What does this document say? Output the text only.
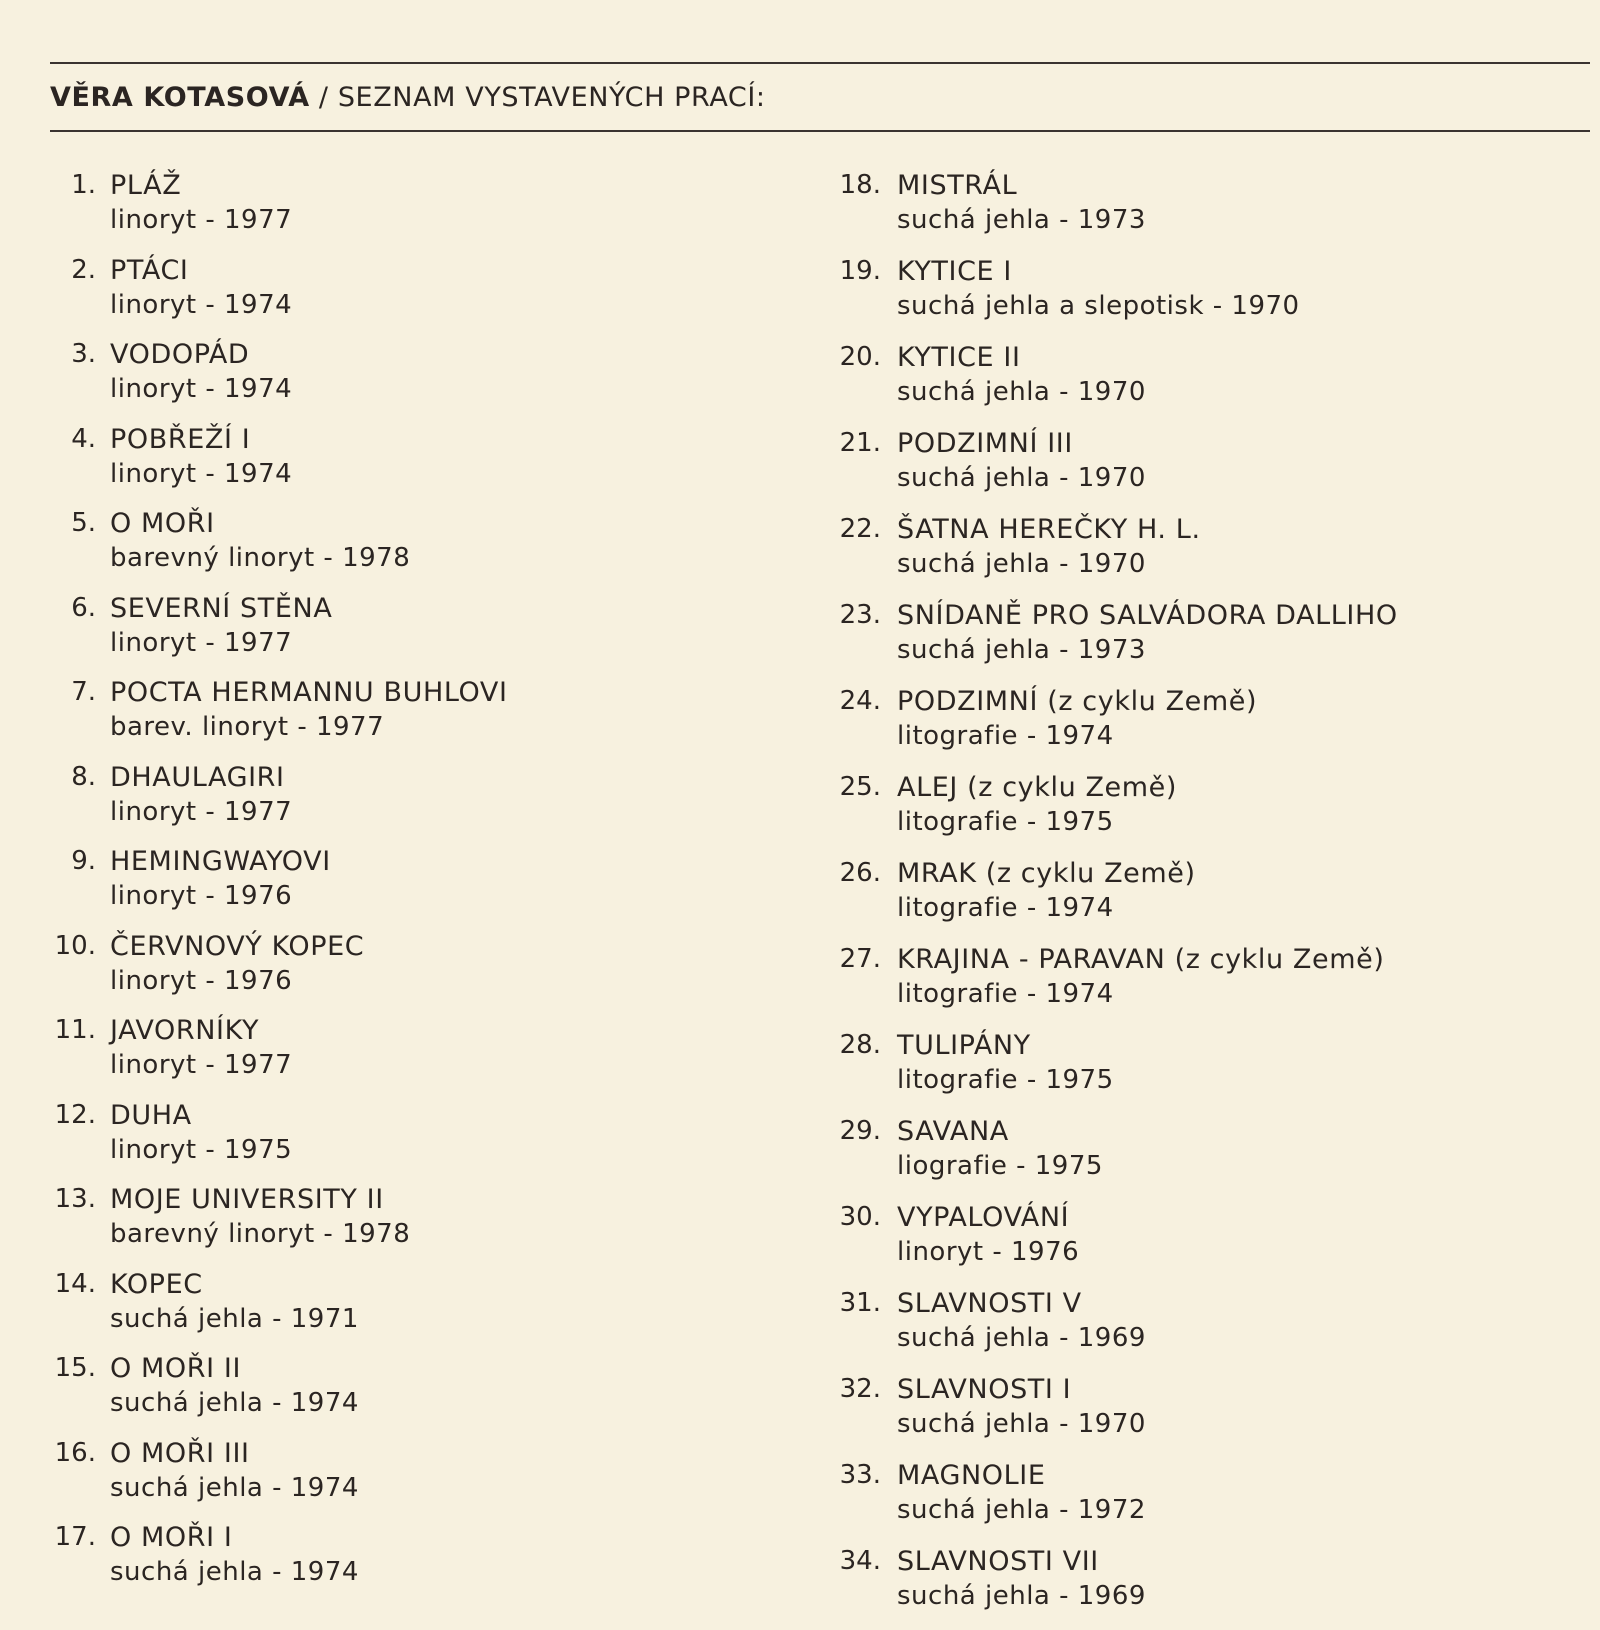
VĚRA KOTASOVÁ / SEZNAM VYSTAVENÝCH PRACÍ:
1. PLÁŽ
linoryt - 1977
2. PTÁCI
linoryt - 1974
3. VODOPÁD
linoryt - 1974
4. POBŘEŽÍ I
linoryt - 1974
5. O MOŘI
barevný linoryt - 1978
6. SEVERNÍ STĚNA
linoryt - 1977
7. POCTA HERMANNU BUHLOVI
barev. linoryt - 1977
8. DHAULAGIRI
linoryt - 1977
9. HEMINGWAYOVI
linoryt - 1976
10. ČERVNOVÝ KOPEC
linoryt - 1976
11. JAVORNÍKY
linoryt - 1977
12. DUHA
linoryt - 1975
13. MOJE UNIVERSITY II
barevný linoryt - 1978
14. KOPEC
suchá jehla - 1971
15. O MOŘI II
suchá jehla - 1974
16. O MOŘI III
suchá jehla - 1974
17. O MOŘI I
suchá jehla - 1974
18. MISTRÁL
suchá jehla - 1973
19. KYTICE I
suchá jehla a slepotisk - 1970
20. KYTICE II
suchá jehla - 1970
21. PODZIMNÍ III
suchá jehla - 1970
22. ŠATNA HEREČKY H. L.
suchá jehla - 1970
23. SNÍDANĚ PRO SALVÁDORA DALLIHO
suchá jehla - 1973
24. PODZIMNÍ (z cyklu Země)
litografie - 1974
25. ALEJ (z cyklu Země)
litografie - 1975
26. MRAK (z cyklu Země)
litografie - 1974
27. KRAJINA - PARAVAN (z cyklu Země)
litografie - 1974
28. TULIPÁNY
litografie - 1975
29. SAVANA
liografie - 1975
30. VYPALOVÁNÍ
linoryt - 1976
31. SLAVNOSTI V
suchá jehla - 1969
32. SLAVNOSTI I
suchá jehla - 1970
33. MAGNOLIE
suchá jehla - 1972
34. SLAVNOSTI VII
suchá jehla - 1969
